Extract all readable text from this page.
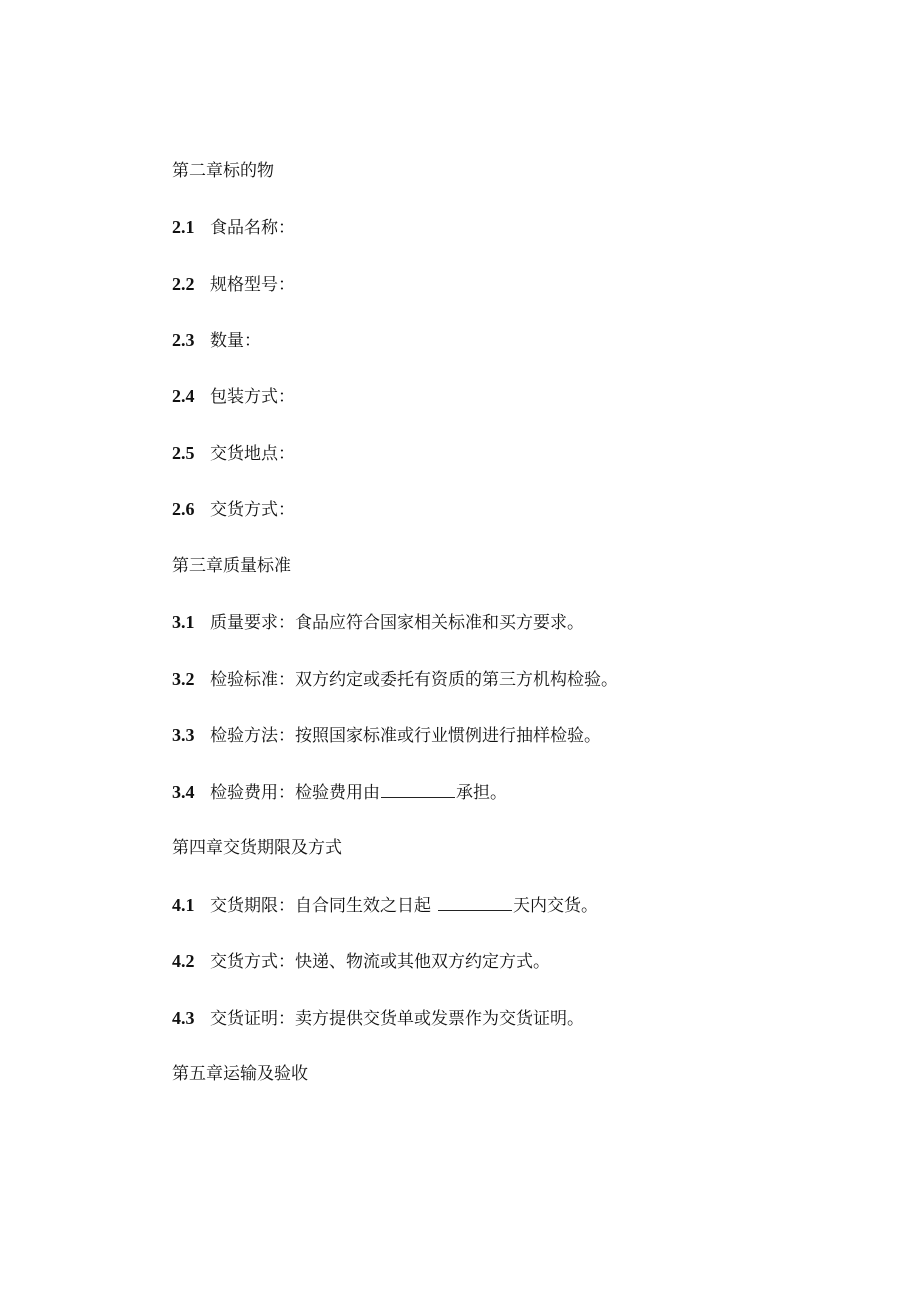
第二章标的物
2.1 食品名称：
2.2 规格型号：
2.3 数量：
2.4 包装方式：
2.5 交货地点：
2.6 交货方式：
第三章质量标准
3.1 质量要求：食品应符合国家相关标准和买方要求。
3.2 检验标准：双方约定或委托有资质的第三方机构检验。
3.3 检验方法：按照国家标准或行业惯例进行抽样检验。
3.4 检验费用：检验费用由	承担。
第四章交货期限及方式
4.1 交货期限：自合同生效之日起	天内交货。
4.2 交货方式：快递、物流或其他双方约定方式。
4.3 交货证明：卖方提供交货单或发票作为交货证明。
第五章运输及验收
